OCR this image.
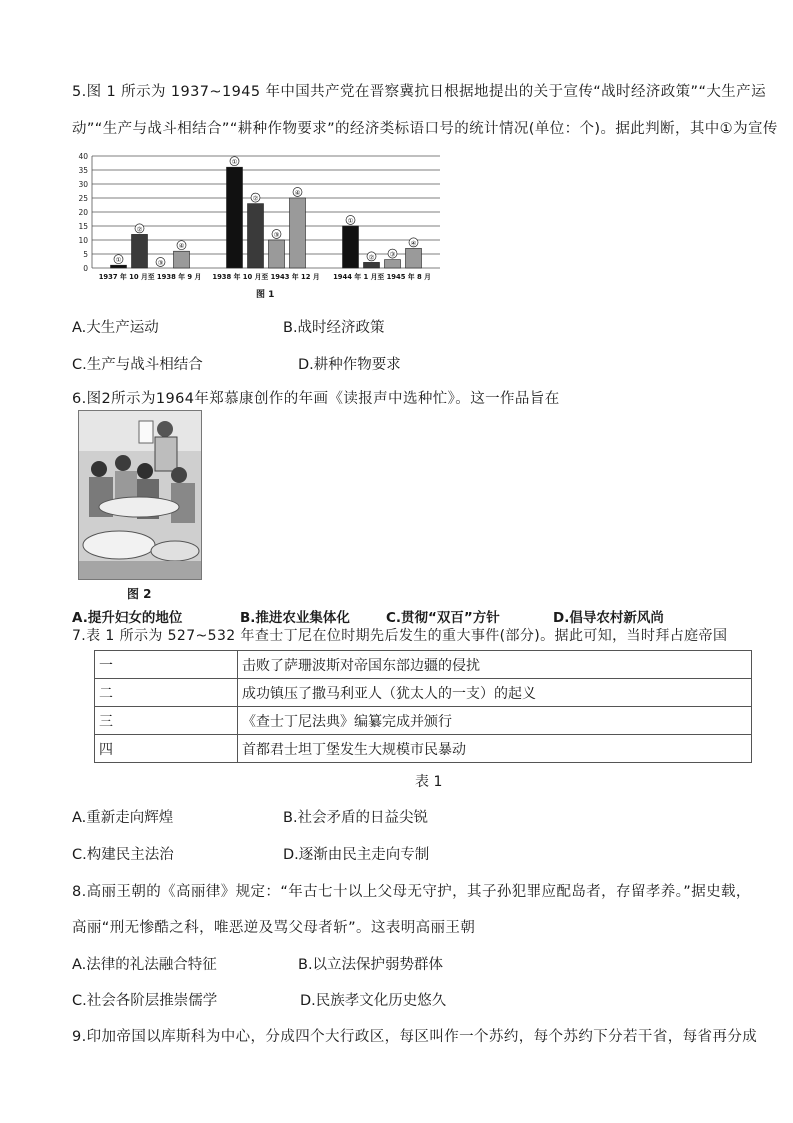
5.图 1 所示为 1937~1945 年中国共产党在晋察冀抗日根据地提出的关于宣传“战时经济政策”“大生产运
动”“生产与战斗相结合”“耕种作物要求”的经济类标语口号的统计情况(单位：个)。据此判断，其中①为宣传
0
5
10
15
20
25
30
35
40
①
②
③
④
1937 年 10 月至 1938 年 9 月
①
②
③
④
1938 年 10 月至 1943 年 12 月
①
② ③
④
1944 年 1 月至 1945 年 8 月
图 1
A.大生产运动	B.战时经济政策
C.生产与战斗相结合	D.耕种作物要求
6.图2所示为1964年郑慕康创作的年画《读报声中选种忙》。这一作品旨在
图 2
A.提升妇女的地位	B.推进农业集体化	C.贯彻“双百”方针	D.倡导农村新风尚
7.表 1 所示为 527~532 年查士丁尼在位时期先后发生的重大事件(部分)。据此可知，当时拜占庭帝国
一	击败了萨珊波斯对帝国东部边疆的侵扰
二	成功镇压了撒马利亚人（犹太人的一支）的起义
三	《查士丁尼法典》编纂完成并颁行
四	首都君士坦丁堡发生大规模市民暴动
表 1
A.重新走向辉煌	B.社会矛盾的日益尖锐
C.构建民主法治	D.逐渐由民主走向专制
8.高丽王朝的《高丽律》规定：“年古七十以上父母无守护，其子孙犯罪应配岛者，存留孝养。”据史载，
高丽“刑无惨酷之科，唯恶逆及骂父母者斩”。这表明高丽王朝
A.法律的礼法融合特征	B.以立法保护弱势群体
C.社会各阶层推崇儒学	D.民族孝文化历史悠久
9.印加帝国以库斯科为中心，分成四个大行政区，每区叫作一个苏约，每个苏约下分若干省，每省再分成
